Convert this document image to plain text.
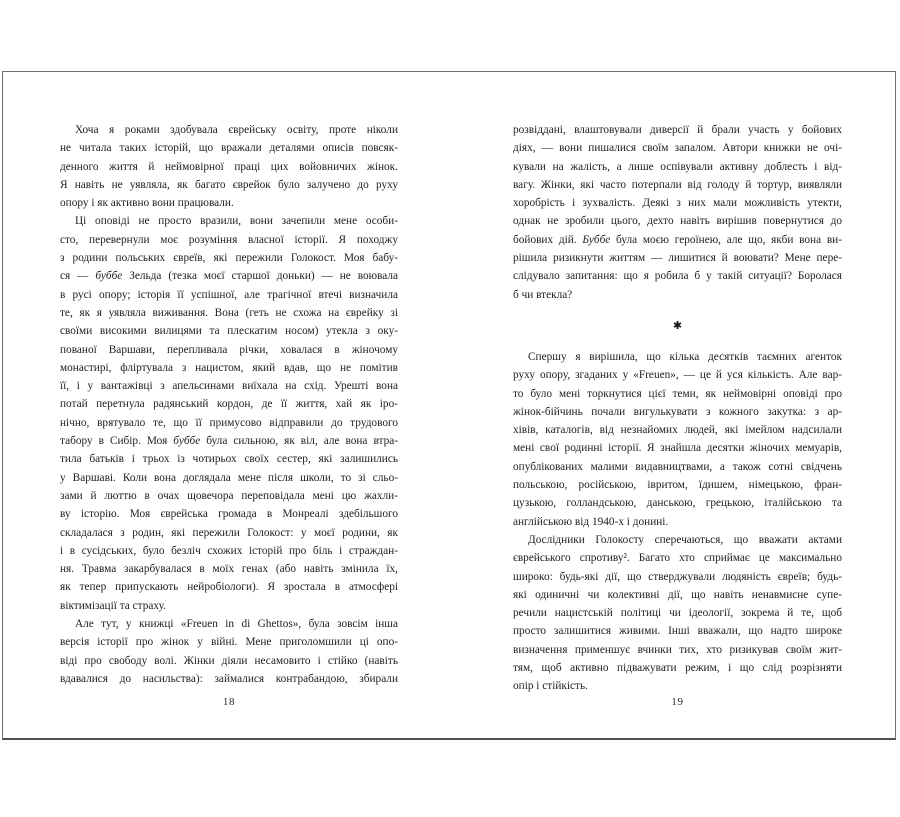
Хоча я роками здобувала єврейську освіту, проте ніколи
не читала таких історій, що вражали деталями описів повсяк-
денного життя й неймовірної праці цих войовничих жінок.
Я навіть не уявляла, як багато єврейок було залучено до руху
опору і як активно вони працювали.
Ці оповіді не просто вразили, вони зачепили мене особи-
сто, перевернули моє розуміння власної історії. Я походжу
з родини польських євреїв, які пережили Голокост. Моя бабу-
ся — буббе Зельда (тезка моєї старшої доньки) — не воювала
в русі опору; історія її успішної, але трагічної втечі визначила
те, як я уявляла виживання. Вона (геть не схожа на єврейку зі
своїми високими вилицями та плескатим носом) утекла з оку-
пованої Варшави, перепливала річки, ховалася в жіночому
монастирі, фліртувала з нацистом, який вдав, що не помітив
її, і у вантажівці з апельсинами виїхала на схід. Урешті вона
потай перетнула радянський кордон, де її життя, хай як іро-
нічно, врятувало те, що її примусово відправили до трудового
табору в Сибір. Моя буббе була сильною, як віл, але вона втра-
тила батьків і трьох із чотирьох своїх сестер, які залишились
у Варшаві. Коли вона доглядала мене після школи, то зі сльо-
зами й люттю в очах щовечора переповідала мені цю жахли-
ву історію. Моя єврейська громада в Монреалі здебільшого
складалася з родин, які пережили Голокост: у моєї родини, як
і в сусідських, було безліч схожих історій про біль і страждан-
ня. Травма закарбувалася в моїх генах (або навіть змінила їх,
як тепер припускають нейробіологи). Я зростала в атмосфері
віктимізації та страху.
Але тут, у книжці «Freuen in di Ghettos», була зовсім інша
версія історії про жінок у війні. Мене приголомшили ці опо-
віді про свободу волі. Жінки діяли несамовито і стійко (навіть
вдавалися до насильства): займалися контрабандою, збирали
18
розвіддані, влаштовували диверсії й брали участь у бойових
діях, — вони пишалися своїм запалом. Автори книжки не очі-
кували на жалість, а лише оспівували активну доблесть і від-
вагу. Жінки, які часто потерпали від голоду й тортур, виявляли
хоробрість і зухвалість. Деякі з них мали можливість утекти,
однак не зробили цього, дехто навіть вирішив повернутися до
бойових дій. Буббе була моєю героїнею, але що, якби вона ви-
рішила ризикнути життям — лишитися й воювати? Мене пере-
слідувало запитання: що я робила б у такій ситуації? Боролася
б чи втекла?
✱
Спершу я вирішила, що кілька десятків таємних агенток
руху опору, згаданих у «Freuen», — це й уся кількість. Але вар-
то було мені торкнутися цієї теми, як неймовірні оповіді про
жінок-бійчинь почали вигулькувати з кожного закутка: з ар-
хівів, каталогів, від незнайомих людей, які імейлом надсилали
мені свої родинні історії. Я знайшла десятки жіночих мемуарів,
опублікованих малими видавництвами, а також сотні свідчень
польською, російською, івритом, їдишем, німецькою, фран-
цузькою, голландською, данською, грецькою, італійською та
англійською від 1940-х і донині.
Дослідники Голокосту сперечаються, що вважати актами
єврейського спротиву². Багато хто сприймає це максимально
широко: будь-які дії, що стверджували людяність євреїв; будь-
які одиничні чи колективні дії, що навіть ненавмисне супе-
речили нацистській політиці чи ідеології, зокрема й те, щоб
просто залишитися живими. Інші вважали, що надто широке
визначення применшує вчинки тих, хто ризикував своїм жит-
тям, щоб активно підважувати режим, і що слід розрізняти
опір і стійкість.
19
